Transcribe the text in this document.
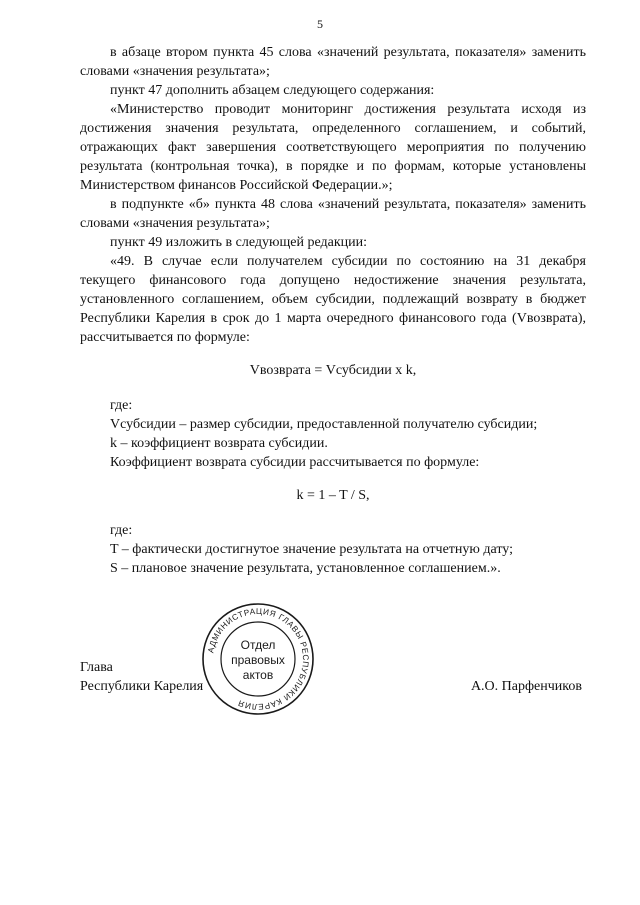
5

в абзаце втором пункта 45 слова «значений результата, показателя» заменить словами «значения результата»;

пункт 47 дополнить абзацем следующего содержания:

«Министерство проводит мониторинг достижения результата исходя из достижения значения результата, определенного соглашением, и событий, отражающих факт завершения соответствующего мероприятия по получению результата (контрольная точка), в порядке и по формам, которые установлены Министерством финансов Российской Федерации.»;

в подпункте «б» пункта 48 слова «значений результата, показателя» заменить словами «значения результата»;

пункт 49 изложить в следующей редакции:

«49. В случае если получателем субсидии по состоянию на 31 декабря текущего финансового года допущено недостижение значения результата, установленного соглашением, объем субсидии, подлежащий возврату в бюджет Республики Карелия в срок до 1 марта очередного финансового года (Vвозврата), рассчитывается по формуле:

Vвозврата = Vсубсидии x k,

где:

Vсубсидии – размер субсидии, предоставленной получателю субсидии;

k – коэффициент возврата субсидии.

Коэффициент возврата субсидии рассчитывается по формуле:

k = 1 – T / S,

где:

T – фактически достигнутое значение результата на отчетную дату;

S – плановое значение результата, установленное соглашением.».

Глава
Республики Карелия	А.О. Парфенчиков
АДМИНИСТРАЦИЯ ГЛАВЫ РЕСПУБЛИКИ КАРЕЛИЯ
Отдел
правовых
актов
